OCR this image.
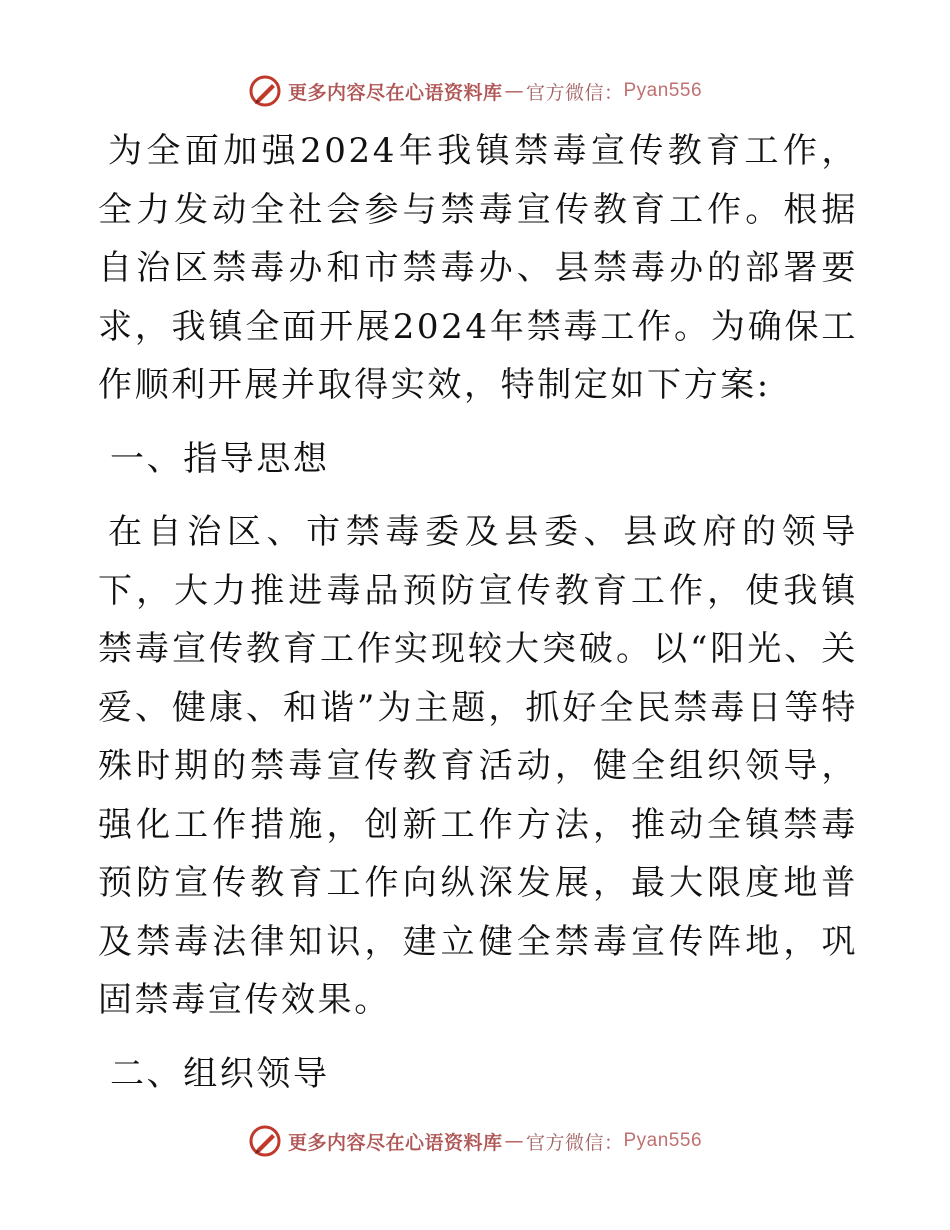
更多内容尽在心语资料库 — 官方微信： Pyan556

为全面加强2024年我镇禁毒宣传教育工作，全力发动全社会参与禁毒宣传教育工作。根据自治区禁毒办和市禁毒办、县禁毒办的部署要求，我镇全面开展2024年禁毒工作。为确保工作顺利开展并取得实效，特制定如下方案:

一、指导思想

在自治区、市禁毒委及县委、县政府的领导下，大力推进毒品预防宣传教育工作，使我镇禁毒宣传教育工作实现较大突破。以“阳光、关爱、健康、和谐”为主题，抓好全民禁毒日等特殊时期的禁毒宣传教育活动，健全组织领导，强化工作措施，创新工作方法，推动全镇禁毒预防宣传教育工作向纵深发展，最大限度地普及禁毒法律知识，建立健全禁毒宣传阵地，巩固禁毒宣传效果。

二、组织领导

更多内容尽在心语资料库 — 官方微信： Pyan556
